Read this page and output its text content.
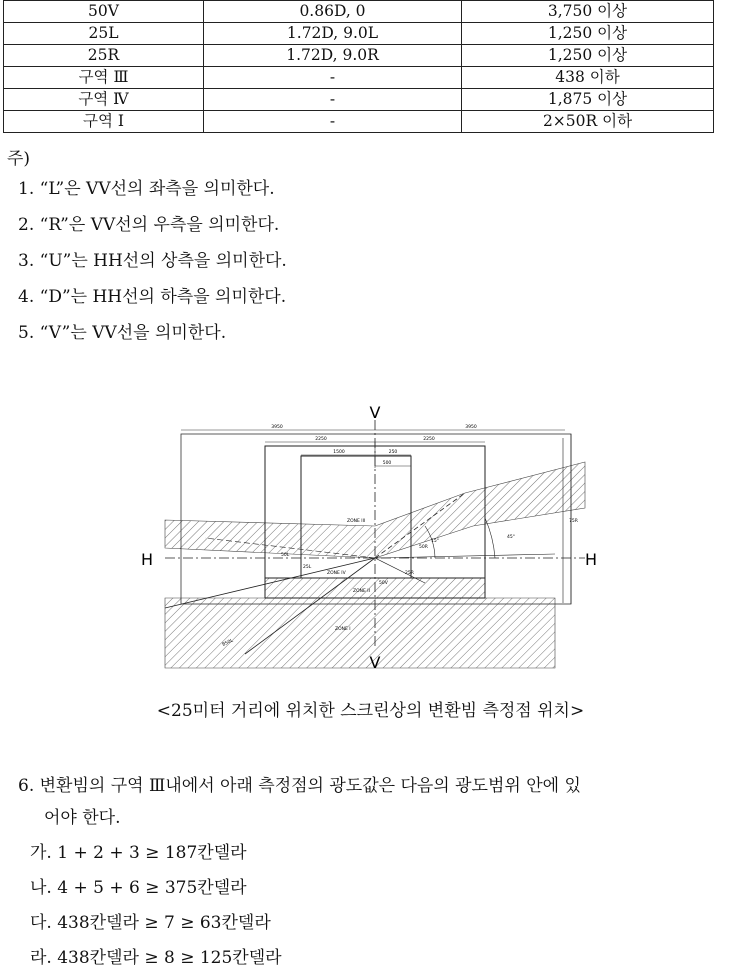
50V	0.86D, 0	3,750 이상
25L	1.72D, 9.0L	1,250 이상
25R	1.72D, 9.0R	1,250 이상
구역 Ⅲ	-	438 이하
구역 Ⅳ	-	1,875 이상
구역 Ⅰ	-	2×50R 이하
주)
1. “L”은 VV선의 좌측을 의미한다.
2. “R”은 VV선의 우측을 의미한다.
3. “U”는 HH선의 상측을 의미한다.
4. “D”는 HH선의 하측을 의미한다.
5. “V”는 VV선을 의미한다.
V
V
H	H
ZONE III
ZONE IV
ZONE II
ZONE I
3950	3950
2250	2250
1500	250
500
50L
50R
25L
25R
75R
50V
B50L
15°
45°
<25미터 거리에 위치한 스크린상의 변환빔 측정점 위치>
6. 변환빔의 구역 Ⅲ내에서 아래 측정점의 광도값은 다음의 광도범위 안에 있
어야 한다.
가. 1 + 2 + 3 ≥ 187칸델라
나. 4 + 5 + 6 ≥ 375칸델라
다. 438칸델라 ≥ 7 ≥ 63칸델라
라. 438칸델라 ≥ 8 ≥ 125칸델라
